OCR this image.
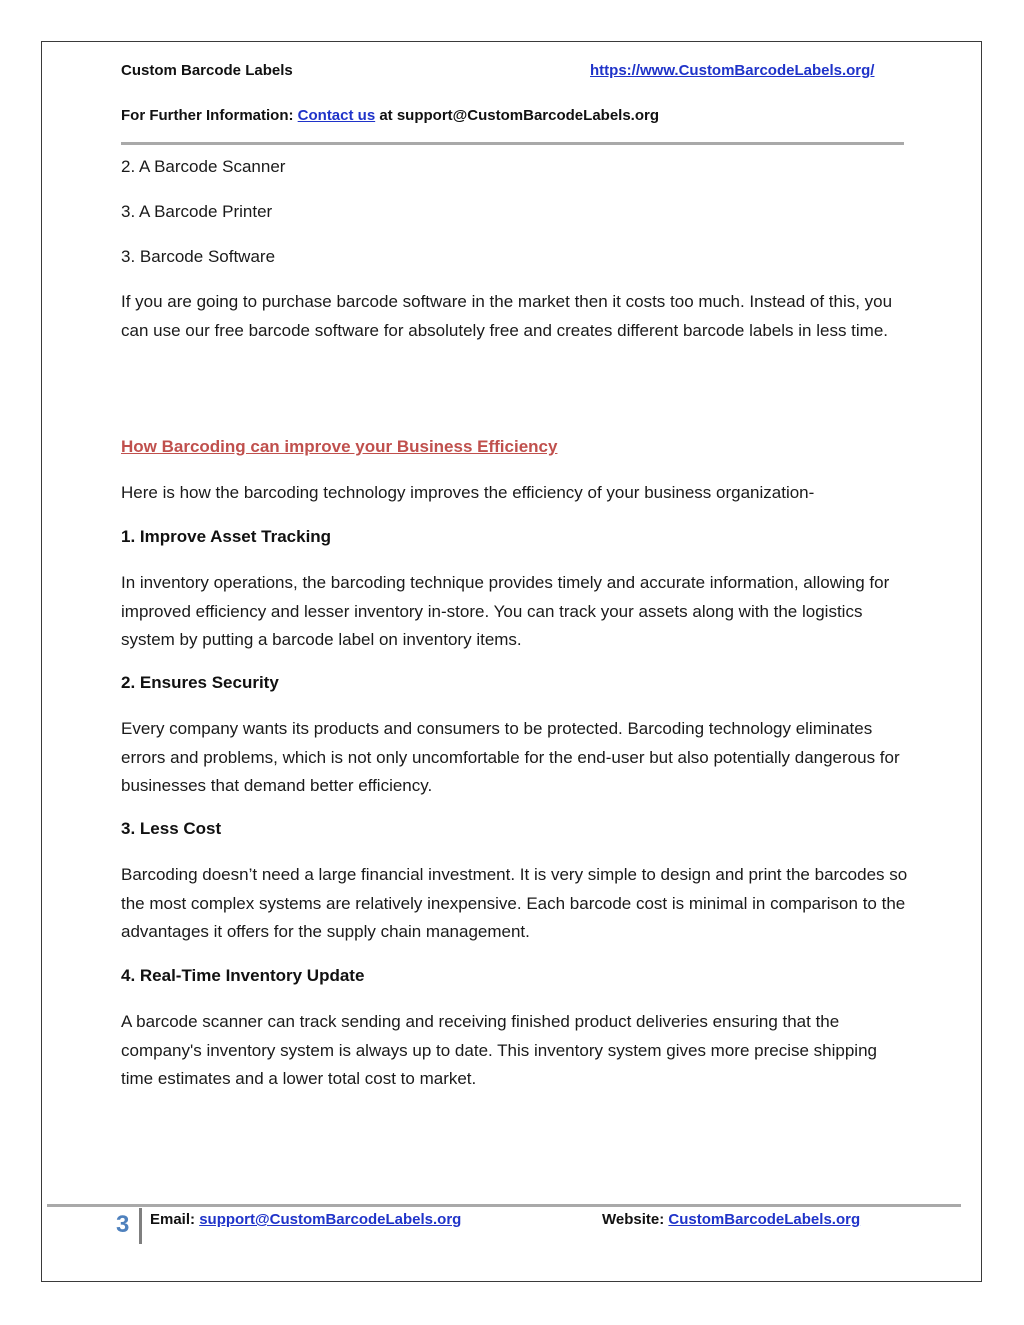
Custom Barcode Labels	https://www.CustomBarcodeLabels.org/
For Further Information: Contact us at support@CustomBarcodeLabels.org

2. A Barcode Scanner

3. A Barcode Printer

3. Barcode Software

If you are going to purchase barcode software in the market then it costs too much. Instead of this, you can use our free barcode software for absolutely free and creates different barcode labels in less time.

How Barcoding can improve your Business Efficiency

Here is how the barcoding technology improves the efficiency of your business organization-

1. Improve Asset Tracking

In inventory operations, the barcoding technique provides timely and accurate information, allowing for improved efficiency and lesser inventory in-store. You can track your assets along with the logistics system by putting a barcode label on inventory items.

2. Ensures Security

Every company wants its products and consumers to be protected. Barcoding technology eliminates errors and problems, which is not only uncomfortable for the end-user but also potentially dangerous for businesses that demand better efficiency.

3. Less Cost

Barcoding doesn’t need a large financial investment. It is very simple to design and print the barcodes so the most complex systems are relatively inexpensive. Each barcode cost is minimal in comparison to the advantages it offers for the supply chain management.

4. Real-Time Inventory Update

A barcode scanner can track sending and receiving finished product deliveries ensuring that the company's inventory system is always up to date. This inventory system gives more precise shipping time estimates and a lower total cost to market.

3 Email: support@CustomBarcodeLabels.org	Website: CustomBarcodeLabels.org
